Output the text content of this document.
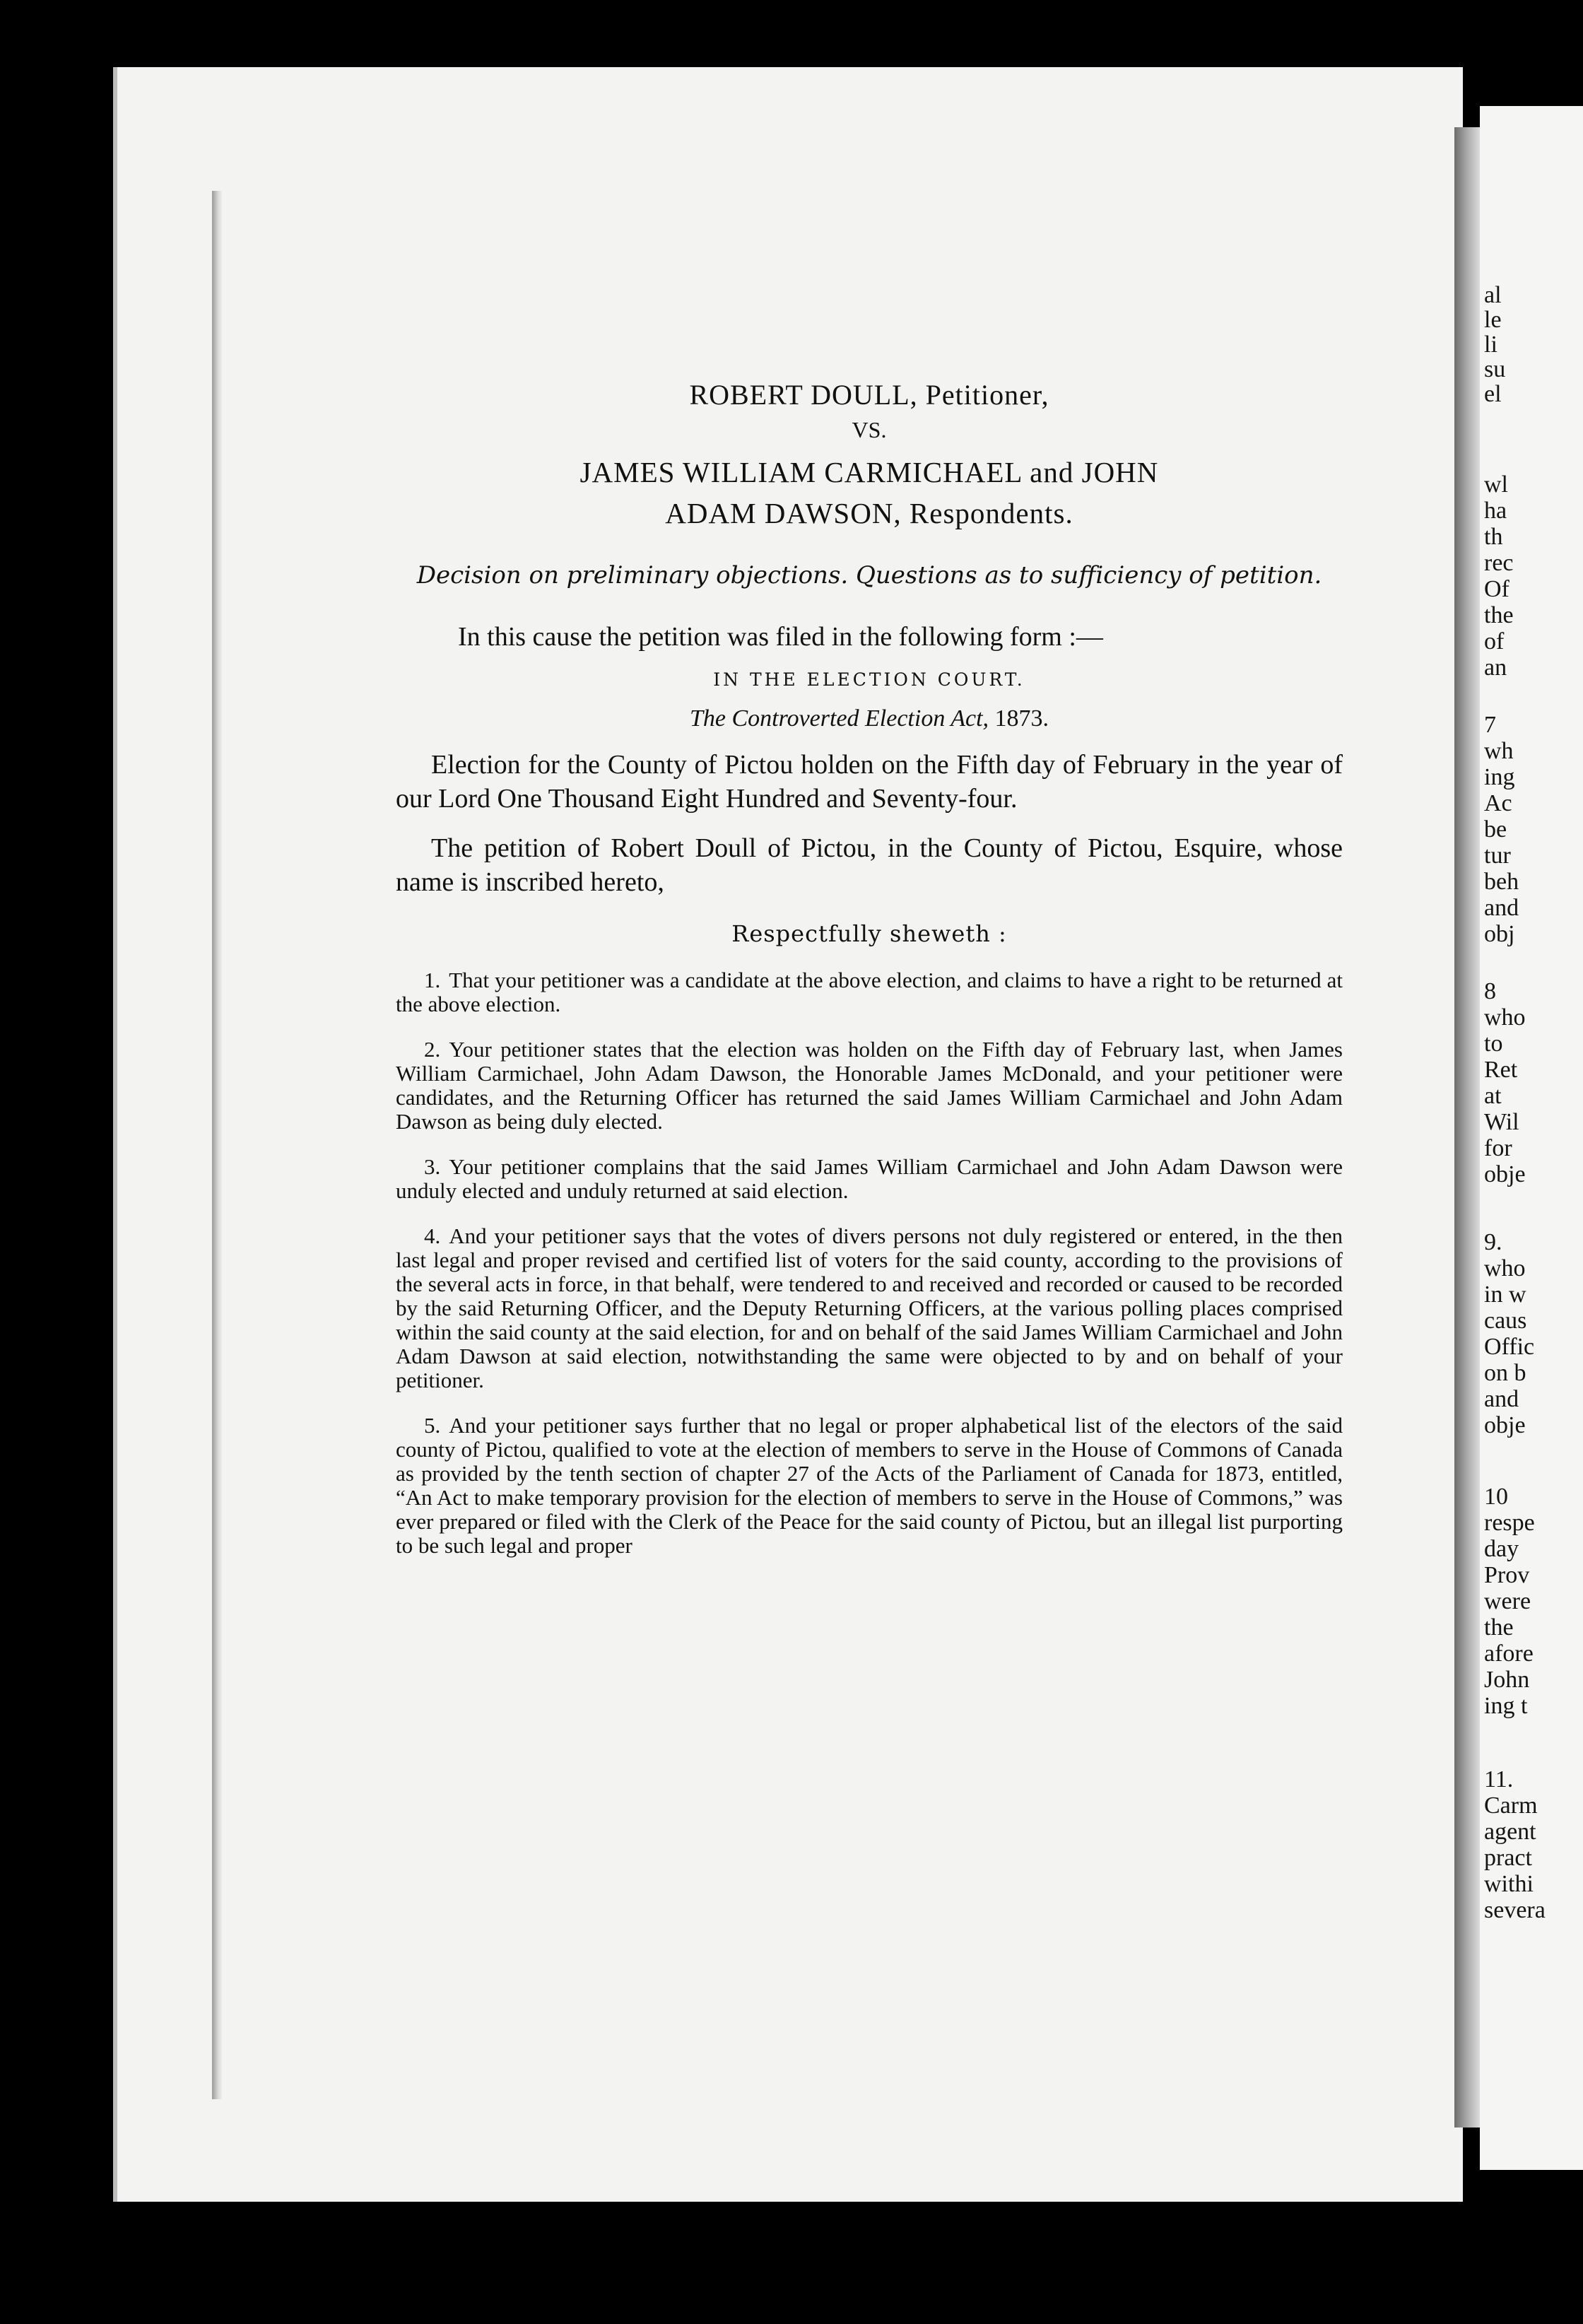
al
le
li
su
el
wl
ha
th
rec
Of
the
of
an
7
wh
ing
Ac
be
tur
beh
and
obj
8
who
to
Ret
at
Wil
for
obje
9.
who
in w
caus
Offic
on b
and
obje
10
respe
day
Prov
were
the
afore
John
ing t
11.
Carm
agent
pract
withi
severa

ROBERT DOULL, Petitioner,

VS.

JAMES WILLIAM CARMICHAEL and JOHN

ADAM DAWSON, Respondents.

Decision on preliminary objections. Questions as to sufficiency of petition.

In this cause the petition was filed in the following form :—

IN THE ELECTION COURT.

The Controverted Election Act, 1873.

Election for the County of Pictou holden on the Fifth day of February in the year of our Lord One Thousand Eight Hundred and Seventy-four.

The petition of Robert Doull of Pictou, in the County of Pictou, Esquire, whose name is inscribed hereto,

Respectfully sheweth :

1. That your petitioner was a candidate at the above election, and claims to have a right to be returned at the above election.

2. Your petitioner states that the election was holden on the Fifth day of February last, when James William Carmichael, John Adam Dawson, the Honorable James McDonald, and your petitioner were candidates, and the Returning Officer has returned the said James William Carmichael and John Adam Dawson as being duly elected.

3. Your petitioner complains that the said James William Carmichael and John Adam Dawson were unduly elected and unduly returned at said election.

4. And your petitioner says that the votes of divers persons not duly registered or entered, in the then last legal and proper revised and certified list of voters for the said county, according to the provisions of the several acts in force, in that behalf, were tendered to and received and recorded or caused to be recorded by the said Returning Officer, and the Deputy Returning Officers, at the various polling places comprised within the said county at the said election, for and on behalf of the said James William Carmichael and John Adam Dawson at said election, notwithstanding the same were objected to by and on behalf of your petitioner.

5. And your petitioner says further that no legal or proper alphabetical list of the electors of the said county of Pictou, qualified to vote at the election of members to serve in the House of Commons of Canada as provided by the tenth section of chapter 27 of the Acts of the Parliament of Canada for 1873, entitled, “An Act to make temporary provision for the election of members to serve in the House of Commons,” was ever prepared or filed with the Clerk of the Peace for the said county of Pictou, but an illegal list purporting to be such legal and proper
